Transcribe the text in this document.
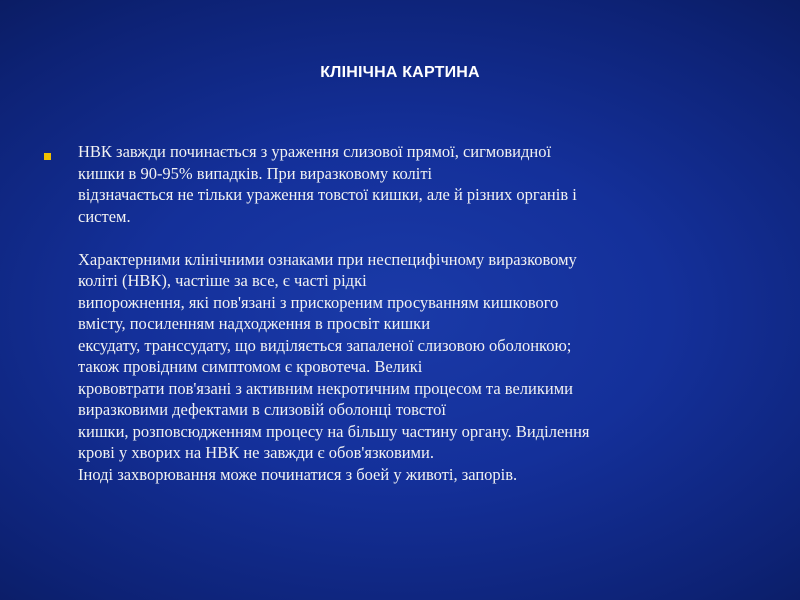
КЛІНІЧНА КАРТИНА
НВК завжди починається з ураження слизової прямої, сигмовидної
кишки в 90-95% випадків. При виразковому коліті
відзначається не тільки ураження товстої кишки, але й різних органів і
систем.
Характерними клінічними ознаками при неспецифічному виразковому
коліті (НВК), частіше за все, є часті рідкі
випорожнення, які пов'язані з прискореним просуванням кишкового
вмісту, посиленням надходження в просвіт кишки
ексудату, транссудату, що виділяється запаленої слизовою оболонкою;
також провідним симптомом є кровотеча. Великі
крововтрати пов'язані з активним некротичним процесом та великими
виразковими дефектами в слизовій оболонці товстої
кишки, розповсюдженням процесу на більшу частину органу. Виділення
крові у хворих на НВК не завжди є обов'язковими.
Іноді захворювання може починатися з боей у животі, запорів.
